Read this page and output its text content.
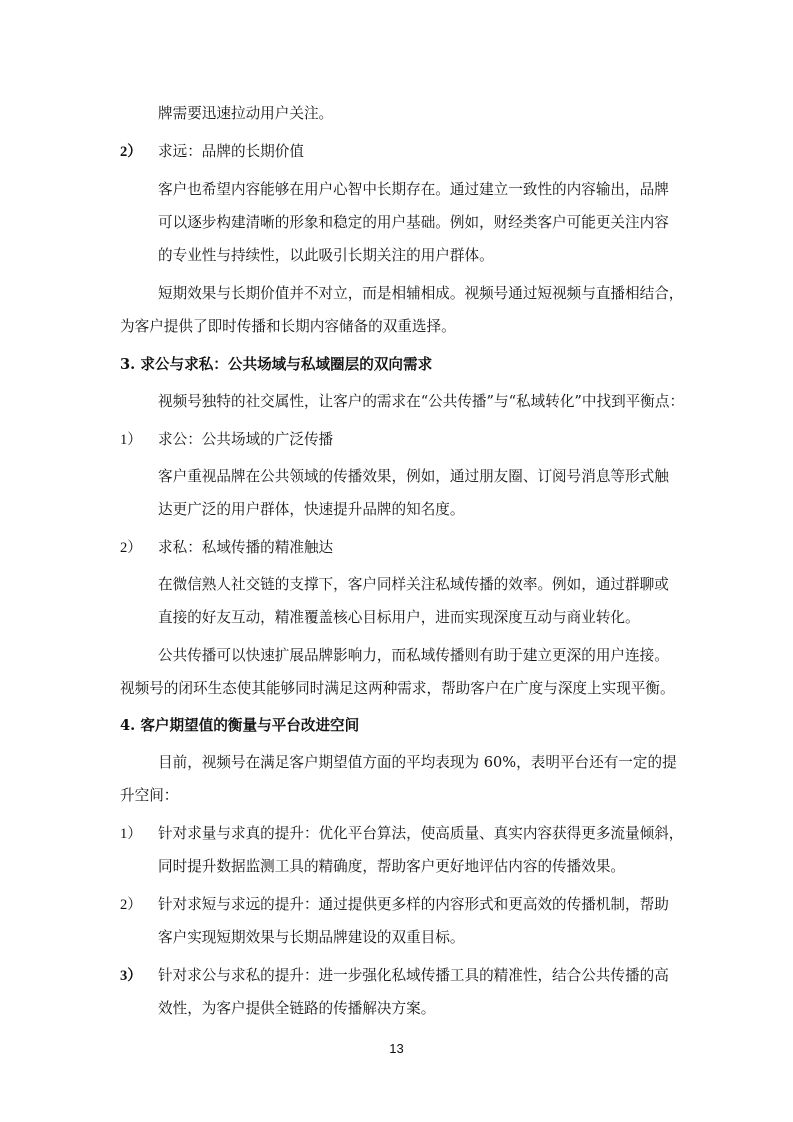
牌需要迅速拉动用户关注。
2） 求远：品牌的长期价值
客户也希望内容能够在用户心智中长期存在。通过建立一致性的内容输出，品牌
可以逐步构建清晰的形象和稳定的用户基础。例如，财经类客户可能更关注内容
的专业性与持续性，以此吸引长期关注的用户群体。
短期效果与长期价值并不对立，而是相辅相成。视频号通过短视频与直播相结合，
为客户提供了即时传播和长期内容储备的双重选择。
3. 求公与求私：公共场域与私域圈层的双向需求
视频号独特的社交属性，让客户的需求在“公共传播”与“私域转化”中找到平衡点：
1） 求公：公共场域的广泛传播
客户重视品牌在公共领域的传播效果，例如，通过朋友圈、订阅号消息等形式触
达更广泛的用户群体，快速提升品牌的知名度。
2） 求私：私域传播的精准触达
在微信熟人社交链的支撑下，客户同样关注私域传播的效率。例如，通过群聊或
直接的好友互动，精准覆盖核心目标用户，进而实现深度互动与商业转化。
公共传播可以快速扩展品牌影响力，而私域传播则有助于建立更深的用户连接。
视频号的闭环生态使其能够同时满足这两种需求，帮助客户在广度与深度上实现平衡。
4. 客户期望值的衡量与平台改进空间
目前，视频号在满足客户期望值方面的平均表现为 60%，表明平台还有一定的提
升空间：
1） 针对求量与求真的提升：优化平台算法，使高质量、真实内容获得更多流量倾斜，
同时提升数据监测工具的精确度，帮助客户更好地评估内容的传播效果。
2） 针对求短与求远的提升：通过提供更多样的内容形式和更高效的传播机制，帮助
客户实现短期效果与长期品牌建设的双重目标。
3） 针对求公与求私的提升：进一步强化私域传播工具的精准性，结合公共传播的高
效性，为客户提供全链路的传播解决方案。
13
